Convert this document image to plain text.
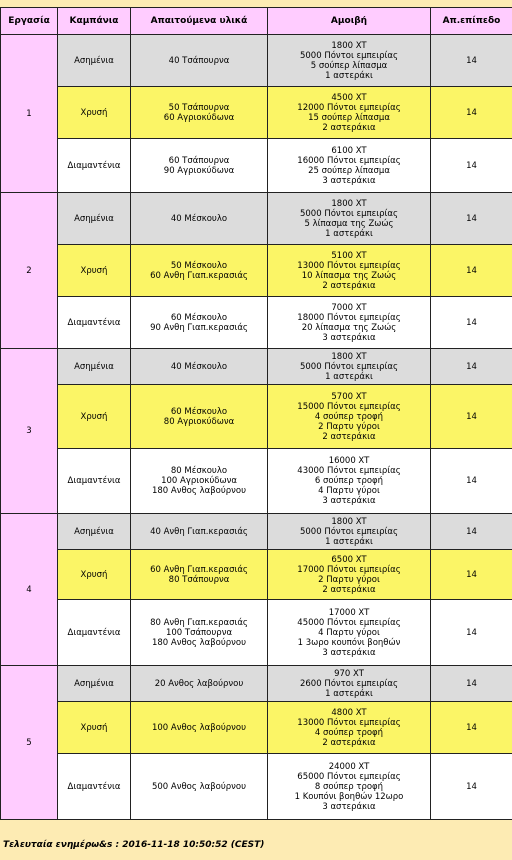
Εργασία	Καμπάνια	Απαιτούμενα υλικά	Αμοιβή	Απ.επίπεδο
1	Ασημένια	40 Τσάπουρνα	1800 XT
5000 Πόντοι εμπειρίας
5 σούπερ λίπασμα
1 αστεράκι	14
	Χρυσή	50 Τσάπουρνα
60 Αγριοκύδωνα	4500 XT
12000 Πόντοι εμπειρίας
15 σούπερ λίπασμα
2 αστεράκια	14
	Διαμαντένια	60 Τσάπουρνα
90 Αγριοκύδωνα	6100 XT
16000 Πόντοι εμπειρίας
25 σούπερ λίπασμα
3 αστεράκια	14
2	Ασημένια	40 Μέσκουλο	1800 XT
5000 Πόντοι εμπειρίας
5 λίπασμα της Ζωώς
1 αστεράκι	14
	Χρυσή	50 Μέσκουλο
60 Ανθη Γιαπ.κερασιάς	5100 XT
13000 Πόντοι εμπειρίας
10 λίπασμα της Ζωώς
2 αστεράκια	14
	Διαμαντένια	60 Μέσκουλο
90 Ανθη Γιαπ.κερασιάς	7000 XT
18000 Πόντοι εμπειρίας
20 λίπασμα της Ζωώς
3 αστεράκια	14
3	Ασημένια	40 Μέσκουλο	1800 XT
5000 Πόντοι εμπειρίας
1 αστεράκι	14
	Χρυσή	60 Μέσκουλο
80 Αγριοκύδωνα	5700 XT
15000 Πόντοι εμπειρίας
4 σούπερ τροφή
2 Παρτυ γύροι
2 αστεράκια	14
	Διαμαντένια	80 Μέσκουλο
100 Αγριοκύδωνα
180 Ανθος λαβούρνου	16000 XT
43000 Πόντοι εμπειρίας
6 σούπερ τροφή
4 Παρτυ γύροι
3 αστεράκια	14
4	Ασημένια	40 Ανθη Γιαπ.κερασιάς	1800 XT
5000 Πόντοι εμπειρίας
1 αστεράκι	14
	Χρυσή	60 Ανθη Γιαπ.κερασιάς
80 Τσάπουρνα	6500 XT
17000 Πόντοι εμπειρίας
2 Παρτυ γύροι
2 αστεράκια	14
	Διαμαντένια	80 Ανθη Γιαπ.κερασιάς
100 Τσάπουρνα
180 Ανθος λαβούρνου	17000 XT
45000 Πόντοι εμπειρίας
4 Παρτυ γύροι
1 3ωρο κουπόνι βοηθών
3 αστεράκια	14
5	Ασημένια	20 Ανθος λαβούρνου	970 XT
2600 Πόντοι εμπειρίας
1 αστεράκι	14
	Χρυσή	100 Ανθος λαβούρνου	4800 XT
13000 Πόντοι εμπειρίας
4 σούπερ τροφή
2 αστεράκια	14
	Διαμαντένια	500 Ανθος λαβούρνου	24000 XT
65000 Πόντοι εμπειρίας
8 σούπερ τροφή
1 Κουπόνι βοηθών 12ωρο
3 αστεράκια	14
Τελευταία ενημέρω&s : 2016-11-18 10:50:52 (CEST)
